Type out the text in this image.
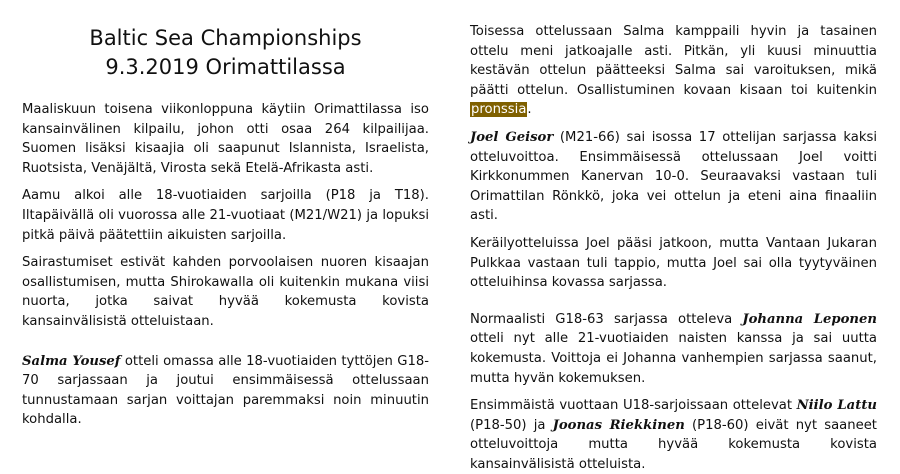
Baltic Sea Championships
9.3.2019 Orimattilassa

Maaliskuun toisena viikonloppuna käytiin Orimattilassa iso kansainvälinen kilpailu, johon otti osaa 264 kilpailijaa. Suomen lisäksi kisaajia oli saapunut Islannista, Israelista, Ruotsista, Venäjältä, Virosta sekä Etelä-Afrikasta asti.

Aamu alkoi alle 18-vuotiaiden sarjoilla (P18 ja T18). Iltapäivällä oli vuorossa alle 21-vuotiaat (M21/W21) ja lopuksi pitkä päivä päätettiin aikuisten sarjoilla.

Sairastumiset estivät kahden porvoolaisen nuoren kisaajan osallistumisen, mutta Shirokawalla oli kuitenkin mukana viisi nuorta, jotka saivat hyvää kokemusta kovista kansainvälisistä otteluistaan.

Salma Yousef otteli omassa alle 18-vuotiaiden tyttöjen G18-70 sarjassaan ja joutui ensimmäisessä ottelussaan tunnustamaan sarjan voittajan paremmaksi noin minuutin kohdalla.

Toisessa ottelussaan Salma kamppaili hyvin ja tasainen ottelu meni jatkoajalle asti. Pitkän, yli kuusi minuuttia kestävän ottelun päätteeksi Salma sai varoituksen, mikä päätti ottelun. Osallistuminen kovaan kisaan toi kuitenkin pronssia.

Joel Geisor (M21-66) sai isossa 17 ottelijan sarjassa kaksi otteluvoittoa. Ensimmäisessä ottelussaan Joel voitti Kirkkonummen Kanervan 10-0. Seuraavaksi vastaan tuli Orimattilan Rönkkö, joka vei ottelun ja eteni aina finaaliin asti.

Keräilyotteluissa Joel pääsi jatkoon, mutta Vantaan Jukaran Pulkkaa vastaan tuli tappio, mutta Joel sai olla tyytyväinen otteluihinsa kovassa sarjassa.

Normaalisti G18-63 sarjassa otteleva Johanna Leponen otteli nyt alle 21-vuotiaiden naisten kanssa ja sai uutta kokemusta. Voittoja ei Johanna vanhempien sarjassa saanut, mutta hyvän kokemuksen.

Ensimmäistä vuottaan U18-sarjoissaan ottelevat Niilo Lattu (P18-50) ja Joonas Riekkinen (P18-60) eivät nyt saaneet otteluvoittoja mutta hyvää kokemusta kovista kansainvälisistä otteluista.
